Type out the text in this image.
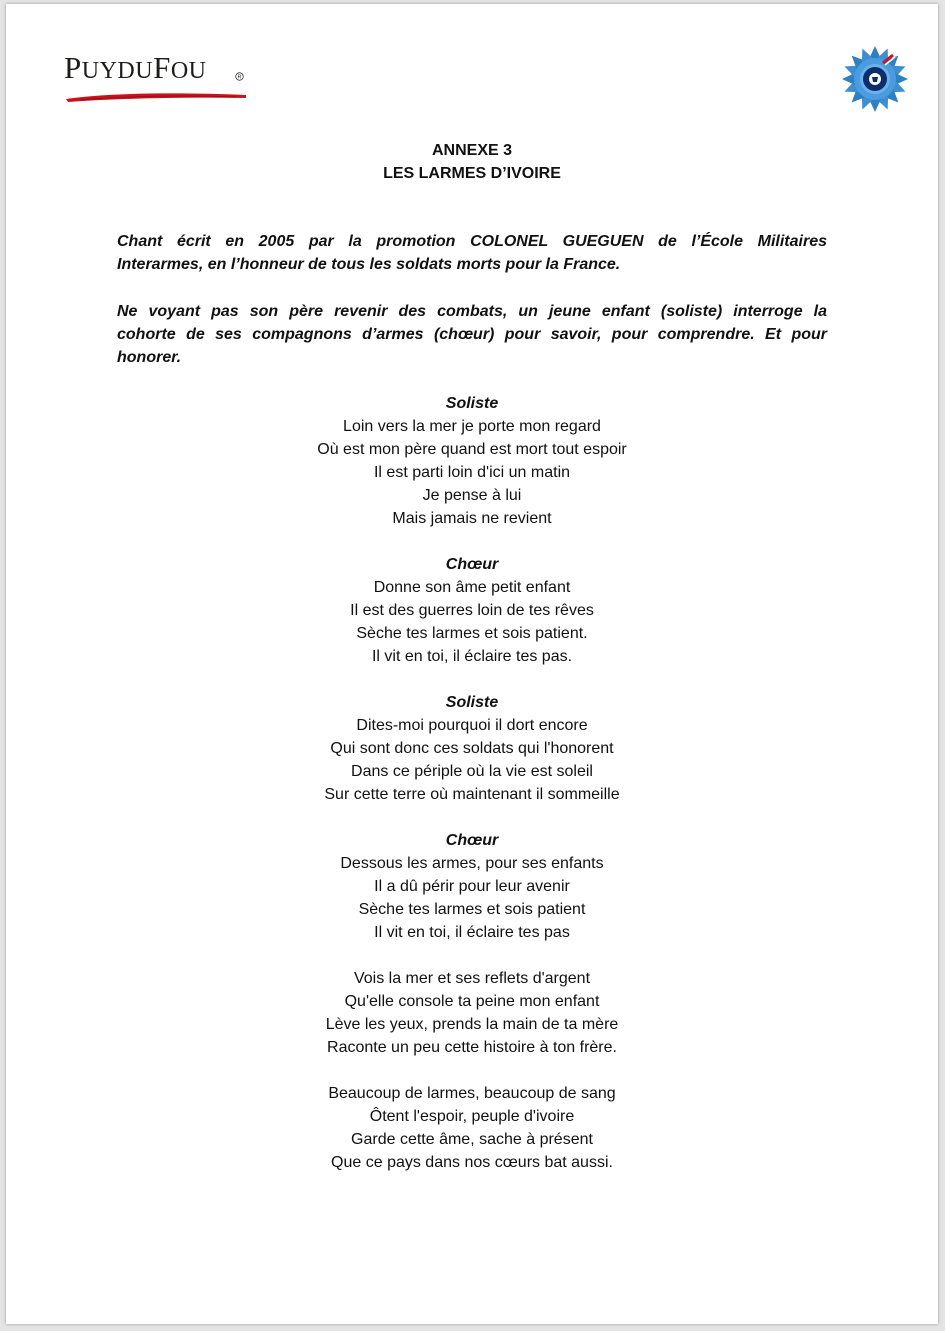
PUYDUFOU	R
ANNEXE 3
LES LARMES D’IVOIRE
Chant écrit en 2005 par la promotion COLONEL GUEGUEN de l’École Militaires
Interarmes, en l’honneur de tous les soldats morts pour la France.
Ne voyant pas son père revenir des combats, un jeune enfant (soliste) interroge la
cohorte de ses compagnons d’armes (chœur) pour savoir, pour comprendre. Et pour
honorer.
Soliste
Loin vers la mer je porte mon regard
Où est mon père quand est mort tout espoir
Il est parti loin d'ici un matin
Je pense à lui
Mais jamais ne revient
Chœur
Donne son âme petit enfant
Il est des guerres loin de tes rêves
Sèche tes larmes et sois patient.
Il vit en toi, il éclaire tes pas.
Soliste
Dites-moi pourquoi il dort encore
Qui sont donc ces soldats qui l'honorent
Dans ce périple où la vie est soleil
Sur cette terre où maintenant il sommeille
Chœur
Dessous les armes, pour ses enfants
Il a dû périr pour leur avenir
Sèche tes larmes et sois patient
Il vit en toi, il éclaire tes pas
Vois la mer et ses reflets d'argent
Qu'elle console ta peine mon enfant
Lève les yeux, prends la main de ta mère
Raconte un peu cette histoire à ton frère.
Beaucoup de larmes, beaucoup de sang
Ôtent l'espoir, peuple d'ivoire
Garde cette âme, sache à présent
Que ce pays dans nos cœurs bat aussi.
